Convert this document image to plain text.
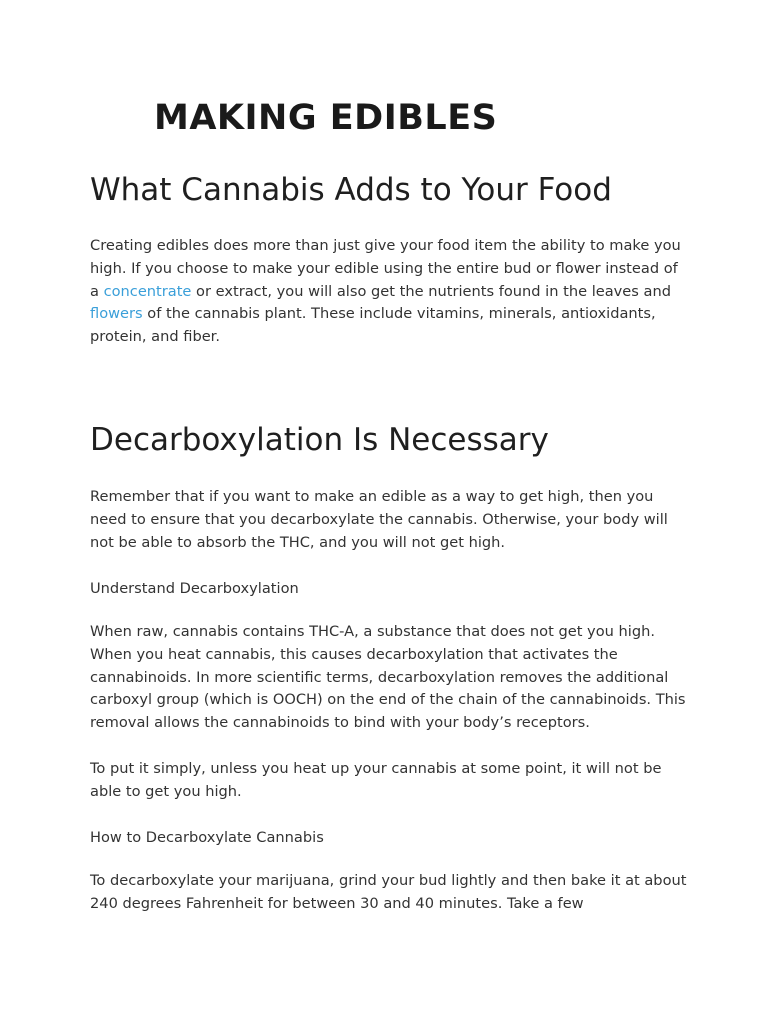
MAKING EDIBLES
What Cannabis Adds to Your Food

Creating edibles does more than just give your food item the ability to make you high. If you choose to make your edible using the entire bud or flower instead of a concentrate or extract, you will also get the nutrients found in the leaves and flowers of the cannabis plant. These include vitamins, minerals, antioxidants, protein, and fiber.

Decarboxylation Is Necessary

Remember that if you want to make an edible as a way to get high, then you need to ensure that you decarboxylate the cannabis. Otherwise, your body will not be able to absorb the THC, and you will not get high.

Understand Decarboxylation

When raw, cannabis contains THC-A, a substance that does not get you high. When you heat cannabis, this causes decarboxylation that activates the cannabinoids. In more scientific terms, decarboxylation removes the additional carboxyl group (which is OOCH) on the end of the chain of the cannabinoids. This removal allows the cannabinoids to bind with your body’s receptors.

To put it simply, unless you heat up your cannabis at some point, it will not be able to get you high.

How to Decarboxylate Cannabis

To decarboxylate your marijuana, grind your bud lightly and then bake it at about 240 degrees Fahrenheit for between 30 and 40 minutes. Take a few
